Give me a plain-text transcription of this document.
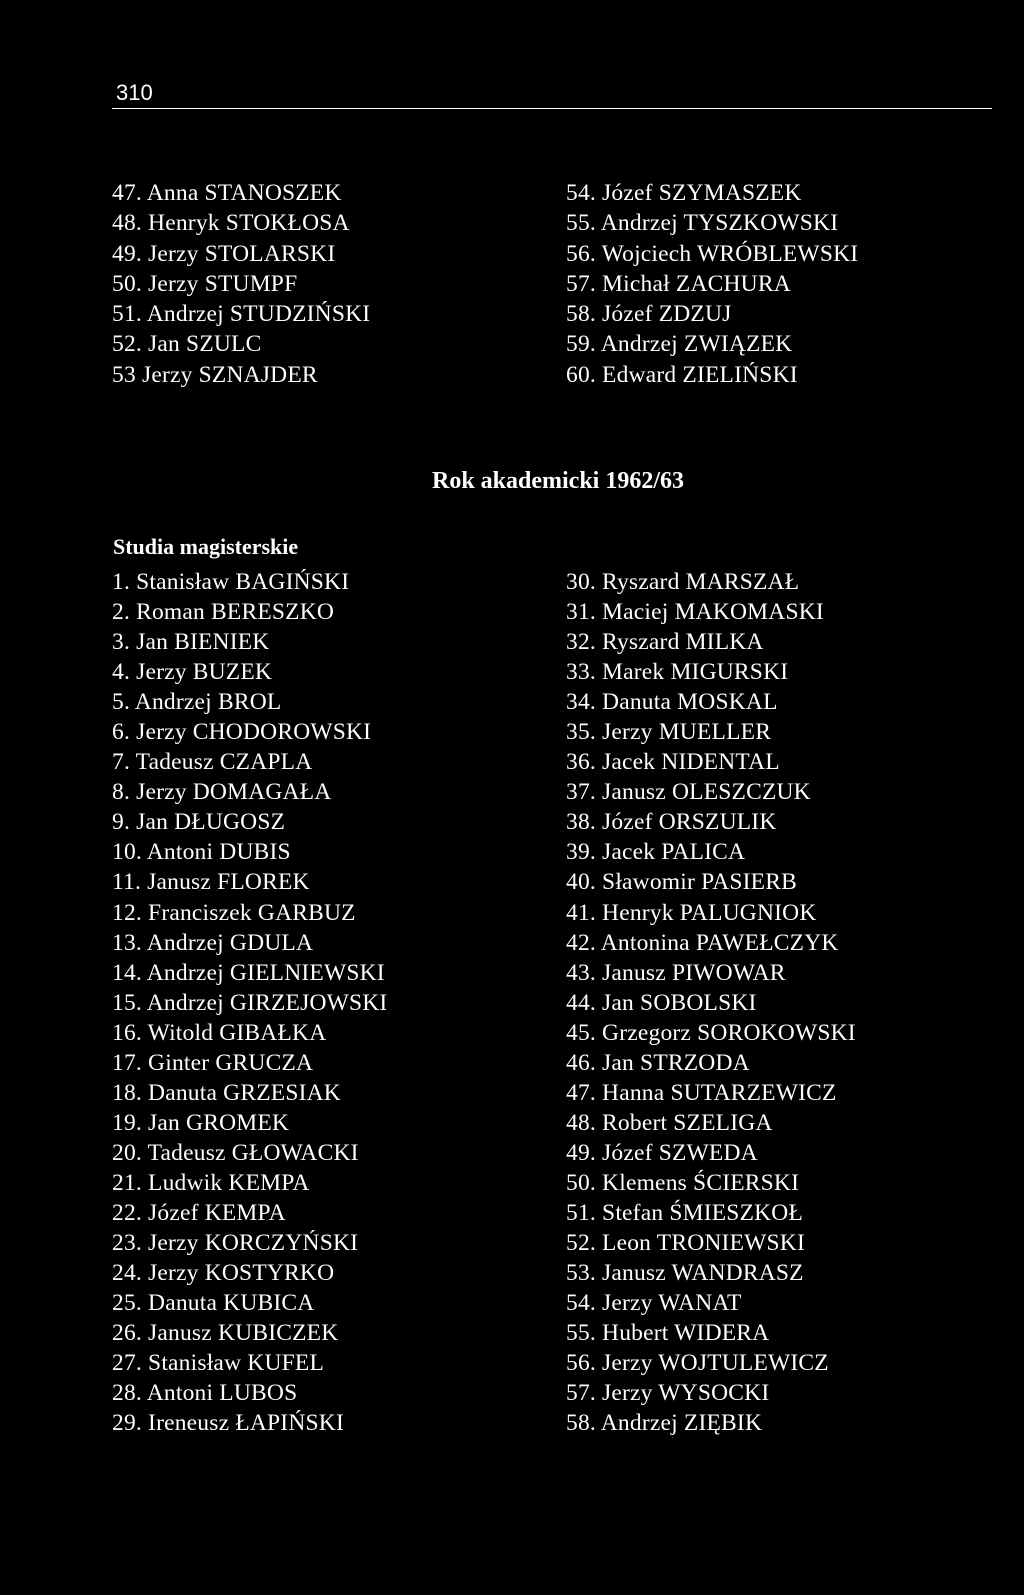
310
47. Anna STANOSZEK
48. Henryk STOKŁOSA
49. Jerzy STOLARSKI
50. Jerzy STUMPF
51. Andrzej STUDZIŃSKI
52. Jan SZULC
53 Jerzy SZNAJDER
54. Józef SZYMASZEK
55. Andrzej TYSZKOWSKI
56. Wojciech WRÓBLEWSKI
57. Michał ZACHURA
58. Józef ZDZUJ
59. Andrzej ZWIĄZEK
60. Edward ZIELIŃSKI
Rok akademicki 1962/63
Studia magisterskie
1. Stanisław BAGIŃSKI
2. Roman BERESZKO
3. Jan BIENIEK
4. Jerzy BUZEK
5. Andrzej BROL
6. Jerzy CHODOROWSKI
7. Tadeusz CZAPLA
8. Jerzy DOMAGAŁA
9. Jan DŁUGOSZ
10. Antoni DUBIS
11. Janusz FLOREK
12. Franciszek GARBUZ
13. Andrzej GDULA
14. Andrzej GIELNIEWSKI
15. Andrzej GIRZEJOWSKI
16. Witold GIBAŁKA
17. Ginter GRUCZA
18. Danuta GRZESIAK
19. Jan GROMEK
20. Tadeusz GŁOWACKI
21. Ludwik KEMPA
22. Józef KEMPA
23. Jerzy KORCZYŃSKI
24. Jerzy KOSTYRKO
25. Danuta KUBICA
26. Janusz KUBICZEK
27. Stanisław KUFEL
28. Antoni LUBOS
29. Ireneusz ŁAPIŃSKI
30. Ryszard MARSZAŁ
31. Maciej MAKOMASKI
32. Ryszard MILKA
33. Marek MIGURSKI
34. Danuta MOSKAL
35. Jerzy MUELLER
36. Jacek NIDENTAL
37. Janusz OLESZCZUK
38. Józef ORSZULIK
39. Jacek PALICA
40. Sławomir PASIERB
41. Henryk PALUGNIOK
42. Antonina PAWEŁCZYK
43. Janusz PIWOWAR
44. Jan SOBOLSKI
45. Grzegorz SOROKOWSKI
46. Jan STRZODA
47. Hanna SUTARZEWICZ
48. Robert SZELIGA
49. Józef SZWEDA
50. Klemens ŚCIERSKI
51. Stefan ŚMIESZKOŁ
52. Leon TRONIEWSKI
53. Janusz WANDRASZ
54. Jerzy WANAT
55. Hubert WIDERA
56. Jerzy WOJTULEWICZ
57. Jerzy WYSOCKI
58. Andrzej ZIĘBIK
